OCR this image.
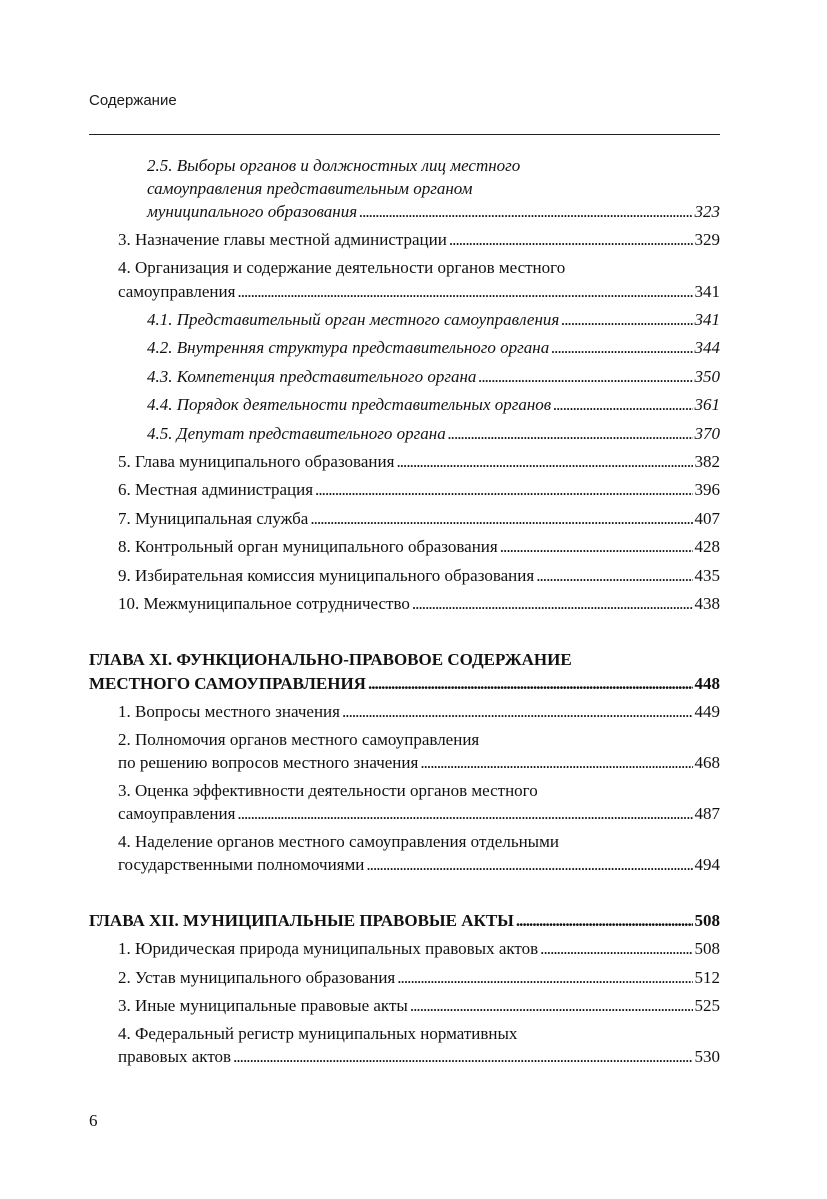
Содержание
2.5. Выборы органов и должностных лиц местного
самоуправления представительным органом
муниципального образования . . .	323
3. Назначение главы местной администрации . . .	329
4. Организация и содержание деятельности органов местного
самоуправления . . .	341
4.1. Представительный орган местного самоуправления . . .	341
4.2. Внутренняя структура представительного органа . . .	344
4.3. Компетенция представительного органа . . .	350
4.4. Порядок деятельности представительных органов . . .	361
4.5. Депутат представительного органа . . .	370
5. Глава муниципального образования . . .	382
6. Местная администрация . . .	396
7. Муниципальная служба . . .	407
8. Контрольный орган муниципального образования . . .	428
9. Избирательная комиссия муниципального образования . . .	435
10. Межмуниципальное сотрудничество . . .	438
ГЛАВА XI. ФУНКЦИОНАЛЬНО-ПРАВОВОЕ СОДЕРЖАНИЕ
МЕСТНОГО САМОУПРАВЛЕНИЯ . . .	448
1. Вопросы местного значения . . .	449
2. Полномочия органов местного самоуправления
по решению вопросов местного значения . . .	468
3. Оценка эффективности деятельности органов местного
самоуправления . . .	487
4. Наделение органов местного самоуправления отдельными
государственными полномочиями . . .	494
ГЛАВА XII. МУНИЦИПАЛЬНЫЕ ПРАВОВЫЕ АКТЫ . . .	508
1. Юридическая природа муниципальных правовых актов . . .	508
2. Устав муниципального образования . . .	512
3. Иные муниципальные правовые акты . . .	525
4. Федеральный регистр муниципальных нормативных
правовых актов . . .	530
6
